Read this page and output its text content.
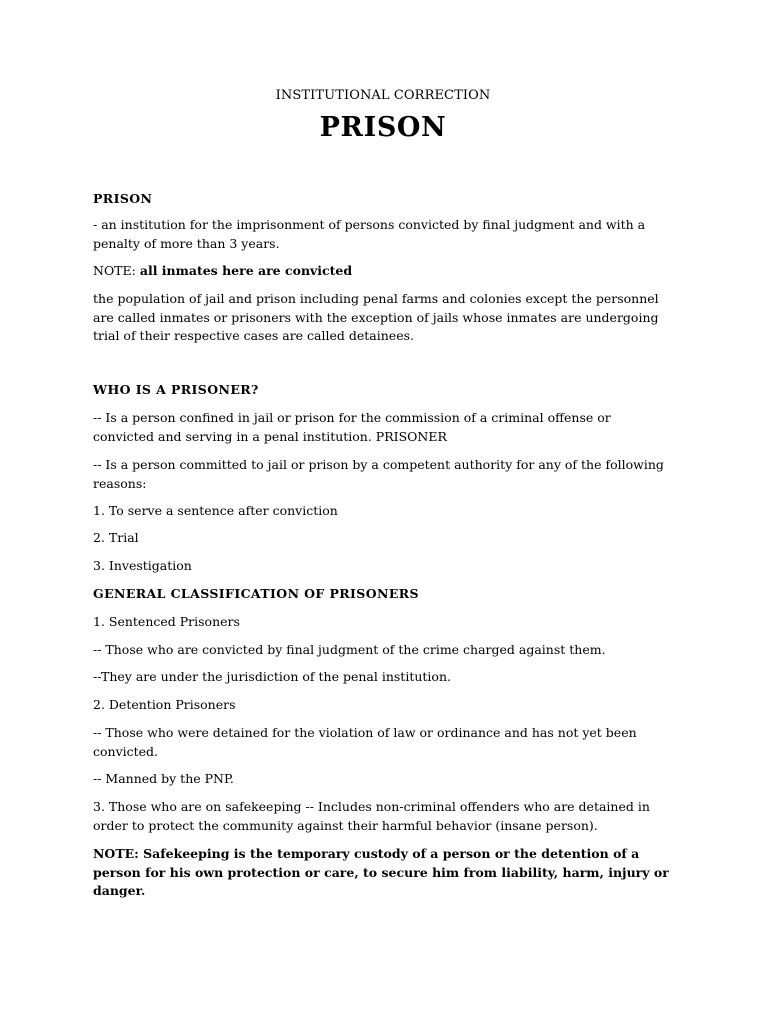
INSTITUTIONAL CORRECTION
PRISON
PRISON
- an institution for the imprisonment of persons convicted by final judgment and with a penalty of more than 3 years.
NOTE: all inmates here are convicted
the population of jail and prison including penal farms and colonies except the personnel are called inmates or prisoners with the exception of jails whose inmates are undergoing trial of their respective cases are called detainees.
WHO IS A PRISONER?
-- Is a person confined in jail or prison for the commission of a criminal offense or convicted and serving in a penal institution. PRISONER
-- Is a person committed to jail or prison by a competent authority for any of the following reasons:
1. To serve a sentence after conviction
2. Trial
3. Investigation
GENERAL CLASSIFICATION OF PRISONERS
1. Sentenced Prisoners
-- Those who are convicted by final judgment of the crime charged against them.
--They are under the jurisdiction of the penal institution.
2. Detention Prisoners
-- Those who were detained for the violation of law or ordinance and has not yet been convicted.
-- Manned by the PNP.
3. Those who are on safekeeping -- Includes non-criminal offenders who are detained in order to protect the community against their harmful behavior (insane person).
NOTE: Safekeeping is the temporary custody of a person or the detention of a person for his own protection or care, to secure him from liability, harm, injury or danger.
